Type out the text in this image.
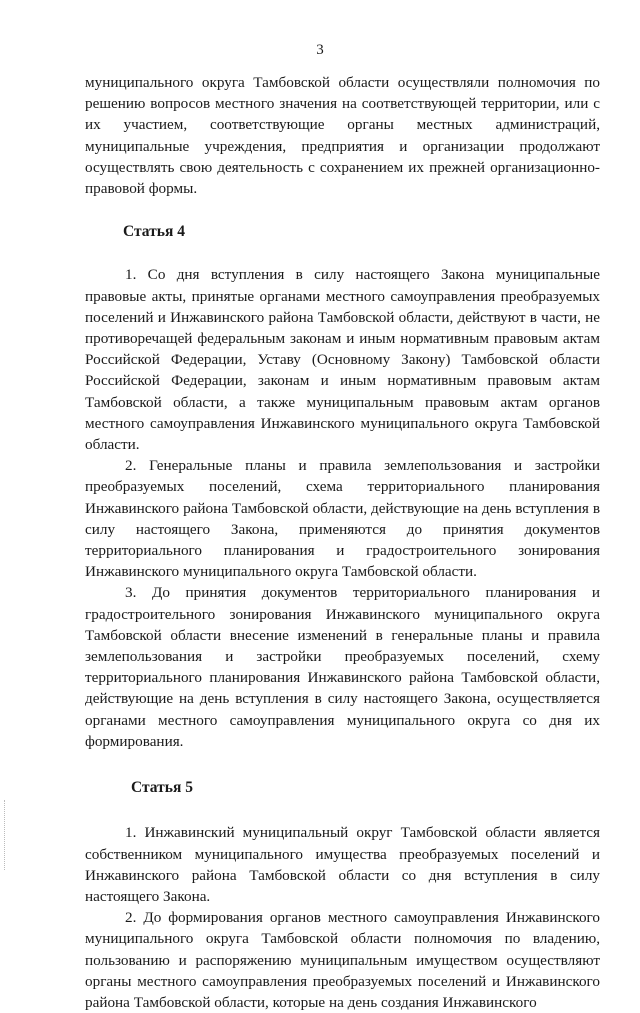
3

муниципального округа Тамбовской области осуществляли полномочия по решению вопросов местного значения на соответствующей территории, или с их участием, соответствующие органы местных администраций, муниципальные учреждения, предприятия и организации продолжают осуществлять свою деятельность с сохранением их прежней организационно-правовой формы.

Статья 4

1. Со дня вступления в силу настоящего Закона муниципальные правовые акты, принятые органами местного самоуправления преобразуемых поселений и Инжавинского района Тамбовской области, действуют в части, не противоречащей федеральным законам и иным нормативным правовым актам Российской Федерации, Уставу (Основному Закону) Тамбовской области Российской Федерации, законам и иным нормативным правовым актам Тамбовской области, а также муниципальным правовым актам органов местного самоуправления Инжавинского муниципального округа Тамбовской области.

2. Генеральные планы и правила землепользования и застройки преобразуемых поселений, схема территориального планирования Инжавинского района Тамбовской области, действующие на день вступления в силу настоящего Закона, применяются до принятия документов территориального планирования и градостроительного зонирования Инжавинского муниципального округа Тамбовской области.

3. До принятия документов территориального планирования и градостроительного зонирования Инжавинского муниципального округа Тамбовской области внесение изменений в генеральные планы и правила землепользования и застройки преобразуемых поселений, схему территориального планирования Инжавинского района Тамбовской области, действующие на день вступления в силу настоящего Закона, осуществляется органами местного самоуправления муниципального округа со дня их формирования.

Статья 5

1. Инжавинский муниципальный округ Тамбовской области является собственником муниципального имущества преобразуемых поселений и Инжавинского района Тамбовской области со дня вступления в силу настоящего Закона.

2. До формирования органов местного самоуправления Инжавинского муниципального округа Тамбовской области полномочия по владению, пользованию и распоряжению муниципальным имуществом осуществляют органы местного самоуправления преобразуемых поселений и Инжавинского района Тамбовской области, которые на день создания Инжавинского
